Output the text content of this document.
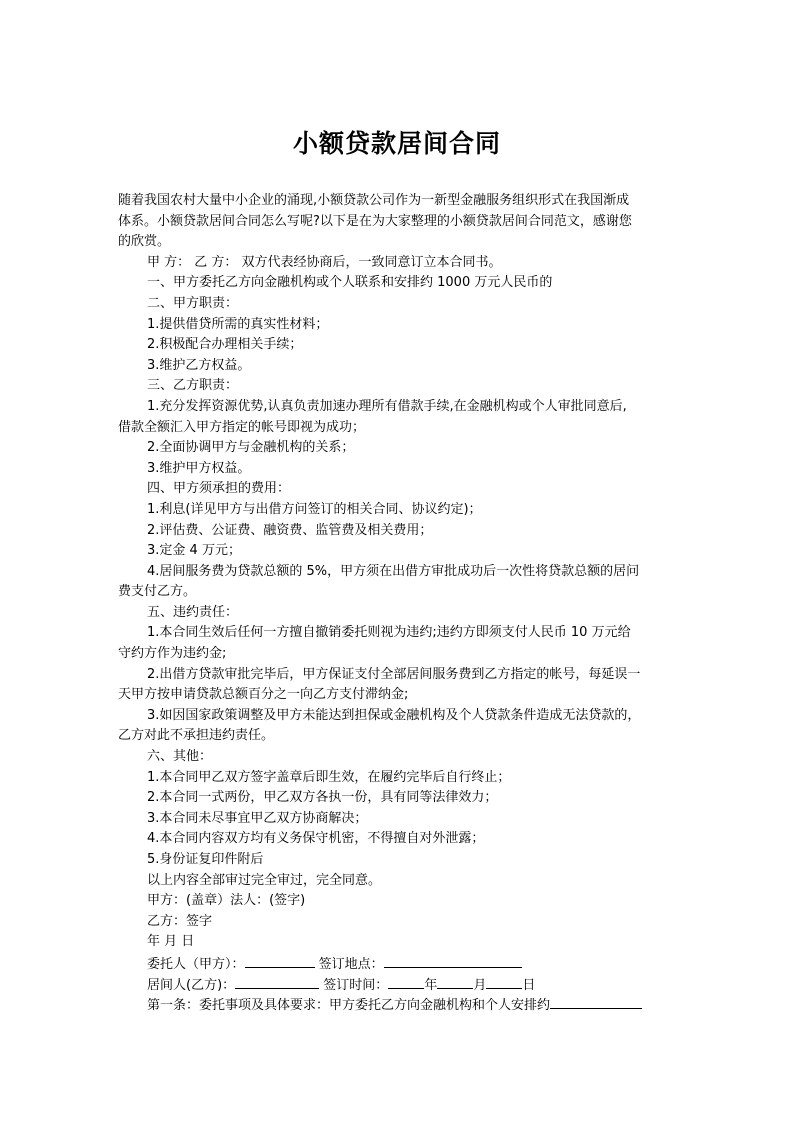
小额贷款居间合同
随着我国农村大量中小企业的涌现,小额贷款公司作为一新型金融服务组织形式在我国渐成
体系。小额贷款居间合同怎么写呢?以下是在为大家整理的小额贷款居间合同范文，感谢您
的欣赏。
甲 方： 乙 方： 双方代表经协商后，一致同意订立本合同书。
一、甲方委托乙方向金融机构或个人联系和安排约 1000 万元人民币的
二、甲方职责：
1.提供借贷所需的真实性材料；
2.积极配合办理相关手续；
3.维护乙方权益。
三、乙方职责：
1.充分发挥资源优势,认真负责加速办理所有借款手续,在金融机构或个人审批同意后,
借款全额汇入甲方指定的帐号即视为成功；
2.全面协调甲方与金融机构的关系；
3.维护甲方权益。
四、甲方须承担的费用：
1.利息(详见甲方与出借方问签订的相关合同、协议约定)；
2.评估费、公证费、融资费、监管费及相关费用；
3.定金 4 万元；
4.居间服务费为贷款总额的 5%，甲方须在出借方审批成功后一次性将贷款总额的居问
费支付乙方。
五、违约责任：
1.本合同生效后任何一方擅自撤销委托则视为违约;违约方即须支付人民币 10 万元给
守约方作为违约金;
2.出借方贷款审批完毕后，甲方保证支付全部居间服务费到乙方指定的帐号，每延误一
天甲方按申请贷款总额百分之一向乙方支付滞纳金;
3.如因国家政策调整及甲方未能达到担保或金融机构及个人贷款条件造成无法贷款的，
乙方对此不承担违约责任。
六、其他：
1.本合同甲乙双方签字盖章后即生效，在履约完毕后自行终止；
2.本合同一式两份，甲乙双方各执一份，具有同等法律效力；
3.本合同未尽事宜甲乙双方协商解决；
4.本合同内容双方均有义务保守机密，不得擅自对外泄露；
5.身份证复印件附后
以上内容全部审过完全审过，完全同意。
甲方：(盖章）法人：(签字)
乙方：签字
年 月 日
委托人（甲方）：	签订地点：
居间人(乙方)：	签订时间：	年	月	日
第一条：委托事项及具体要求：甲方委托乙方向金融机构和个人安排约
